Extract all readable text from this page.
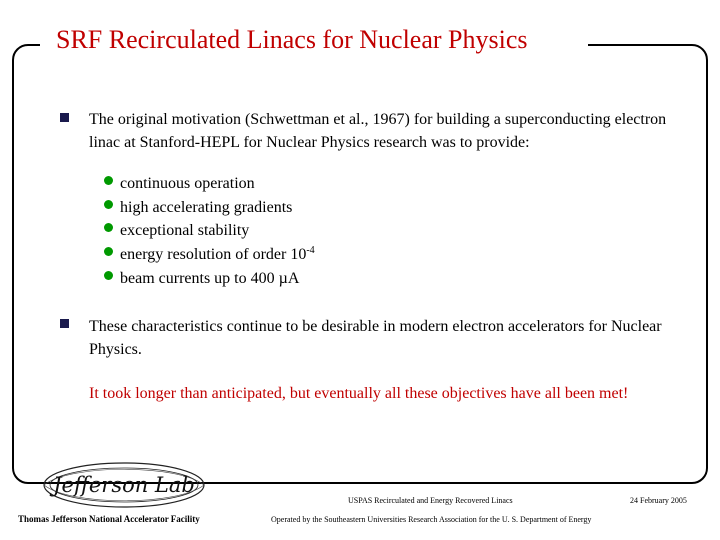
SRF Recirculated Linacs for Nuclear Physics
The original motivation (Schwettman et al., 1967) for building a superconducting electron linac at Stanford-HEPL for Nuclear Physics research was to provide:
continuous operation
high accelerating gradients
exceptional stability
energy resolution of order $10^{-4}$
beam currents up to 400 µA
These characteristics continue to be desirable in modern electron accelerators for Nuclear Physics.
It took longer than anticipated, but eventually all these objectives have all been met!
Jefferson Lab
Thomas Jefferson National Accelerator Facility
USPAS Recirculated and Energy Recovered Linacs
Operated by the Southeastern Universities Research Association for the U. S. Department of Energy
24 February 2005
